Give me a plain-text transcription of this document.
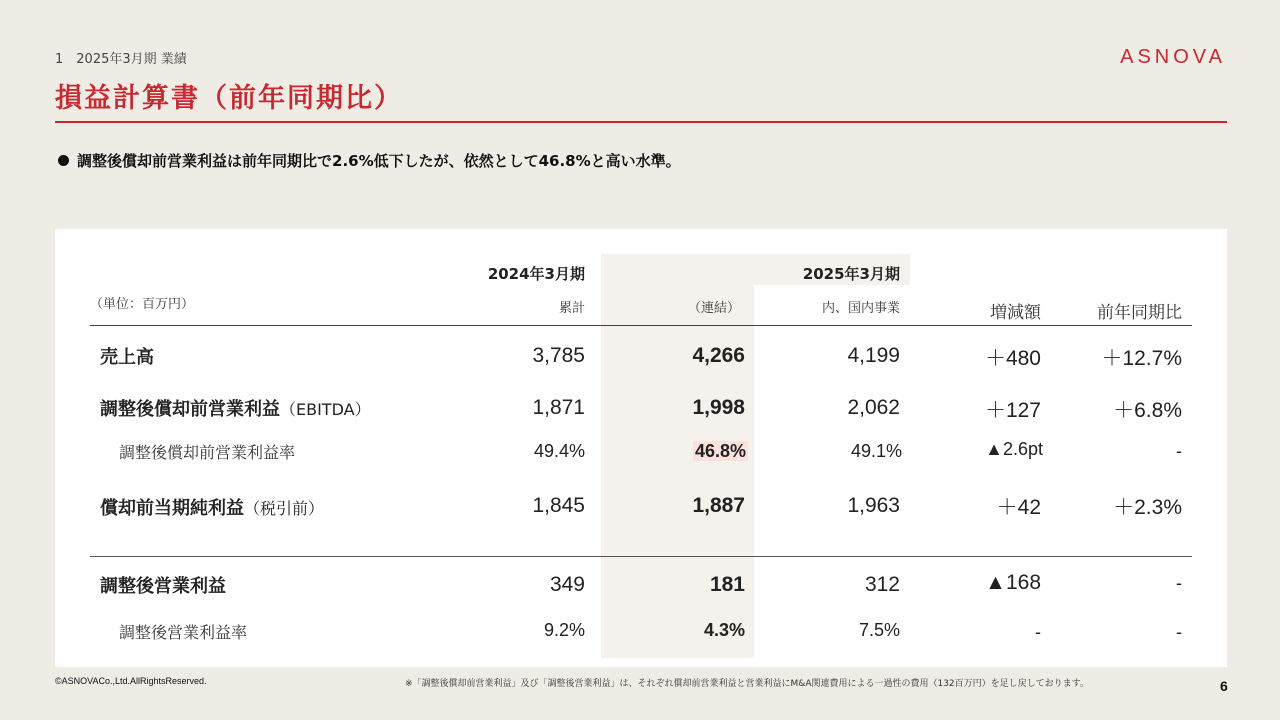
1　2025年3月期 業績	ASNOVA
損益計算書（前年同期比）
調整後償却前営業利益は前年同期比で2.6%低下したが、依然として46.8%と高い水準。
2024年3月期	2025年3月期
（単位：百万円）	累計	（連結）	内、国内事業	増減額	前年同期比
売上高	3,785	4,266	4,199	＋480	＋12.7%
調整後償却前営業利益（EBITDA）	1,871	1,998	2,062	＋127	＋6.8%
調整後償却前営業利益率	49.4%	46.8%	49.1%	▲2.6pt	-
償却前当期純利益（税引前）	1,845	1,887	1,963	＋42	＋2.3%
調整後営業利益	349	181	312	▲168	-
調整後営業利益率	9.2%	4.3%	7.5%	-	-
©ASNOVACo.,Ltd.AllRightsReserved.	※「調整後償却前営業利益」及び「調整後営業利益」は、それぞれ償却前営業利益と営業利益にM&A関連費用による一過性の費用（132百万円）を足し戻しております。	6
